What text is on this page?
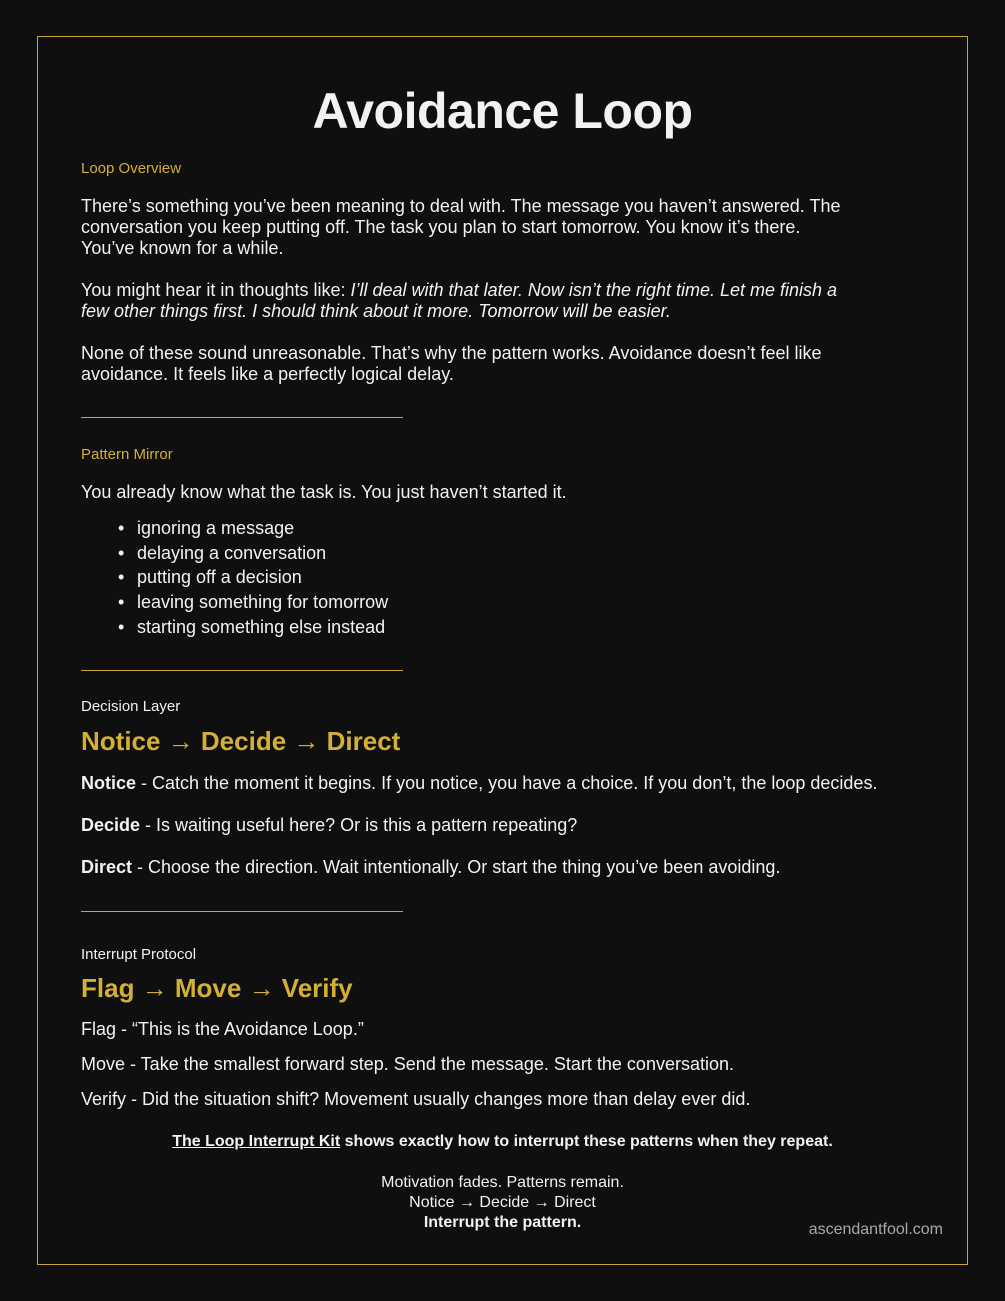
Avoidance Loop
Loop Overview
There’s something you’ve been meaning to deal with. The message you haven’t answered. The
conversation you keep putting off. The task you plan to start tomorrow. You know it’s there.
You’ve known for a while.
You might hear it in thoughts like: I’ll deal with that later. Now isn’t the right time. Let me finish a
few other things first. I should think about it more. Tomorrow will be easier.
None of these sound unreasonable. That’s why the pattern works. Avoidance doesn’t feel like
avoidance. It feels like a perfectly logical delay.
Pattern Mirror
You already know what the task is. You just haven’t started it.
• ignoring a message
• delaying a conversation
• putting off a decision
• leaving something for tomorrow
• starting something else instead
Decision Layer
Notice → Decide → Direct
Notice - Catch the moment it begins. If you notice, you have a choice. If you don’t, the loop decides.
Decide - Is waiting useful here? Or is this a pattern repeating?
Direct - Choose the direction. Wait intentionally. Or start the thing you’ve been avoiding.
Interrupt Protocol
Flag → Move → Verify
Flag - “This is the Avoidance Loop.”
Move - Take the smallest forward step. Send the message. Start the conversation.
Verify - Did the situation shift? Movement usually changes more than delay ever did.
The Loop Interrupt Kit shows exactly how to interrupt these patterns when they repeat.
Motivation fades. Patterns remain.
Notice → Decide → Direct
Interrupt the pattern.	ascendantfool.com
